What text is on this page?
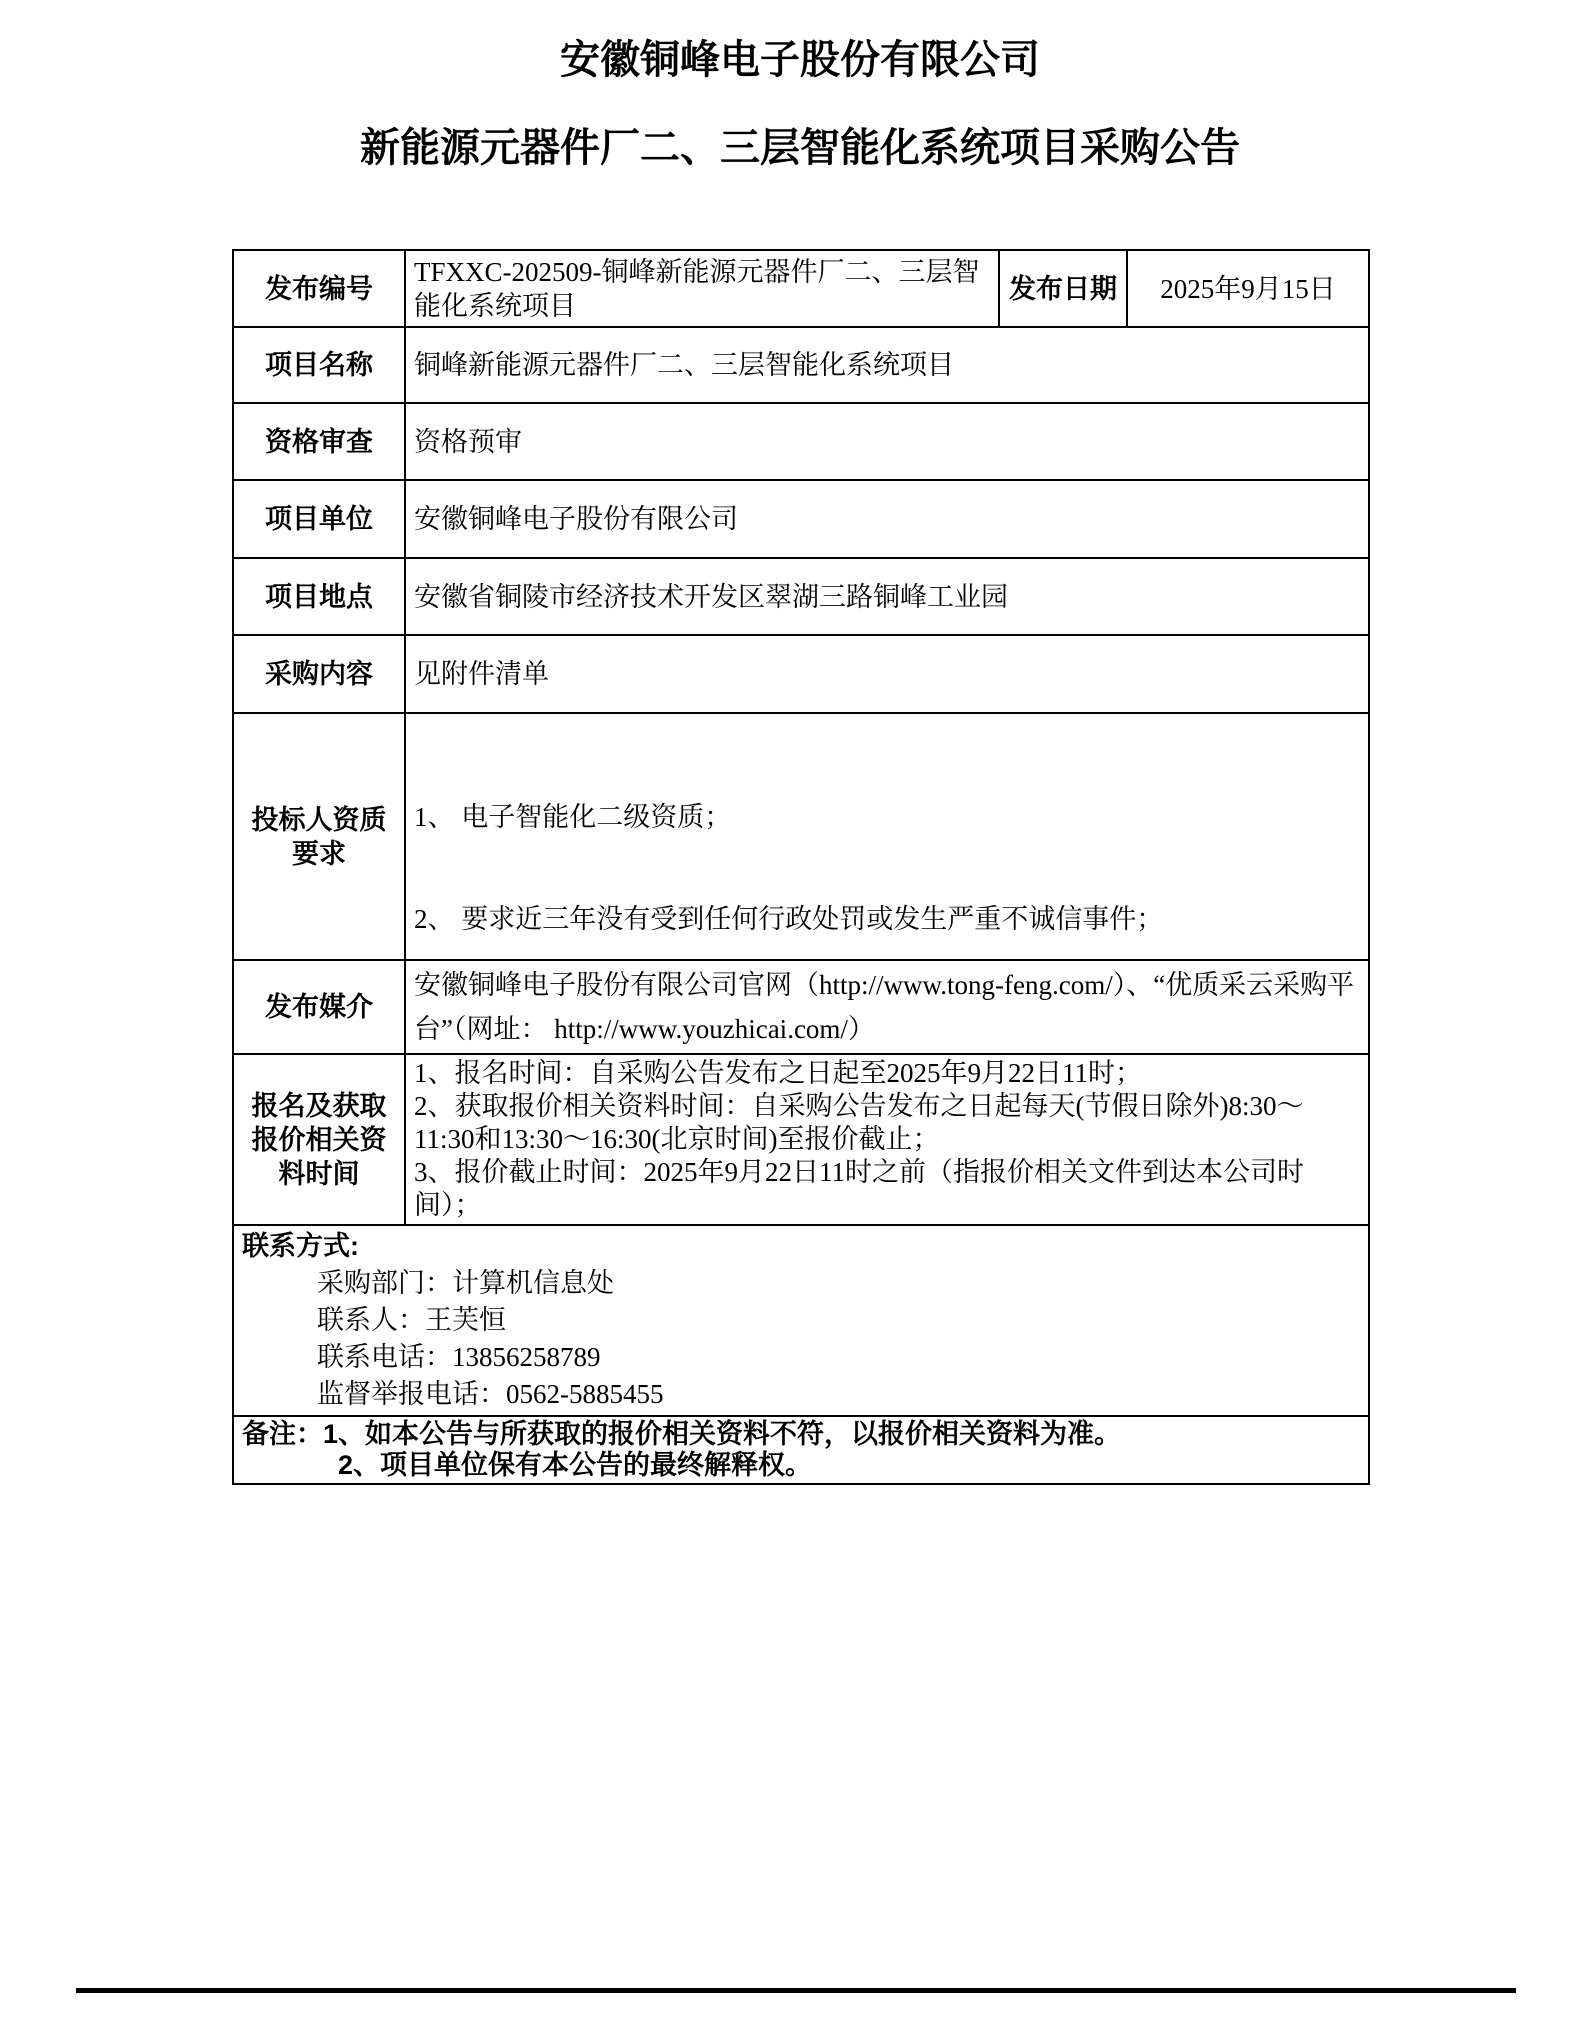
安徽铜峰电子股份有限公司
新能源元器件厂二、三层智能化系统项目采购公告
发布编号	TFXXC-202509-铜峰新能源元器件厂二、三层智能化系统项目	发布日期	2025年9月15日
项目名称	铜峰新能源元器件厂二、三层智能化系统项目		
资格审查	资格预审		
项目单位	安徽铜峰电子股份有限公司		
项目地点	安徽省铜陵市经济技术开发区翠湖三路铜峰工业园		
采购内容	见附件清单		
投标人资质要求	1、 电子智能化二级资质；

2、 要求近三年没有受到任何行政处罚或发生严重不诚信事件；		

发布媒介	安徽铜峰电子股份有限公司官网（http://www.tong-feng.com/）、“优质采云采购平台”（网址： http://www.youzhicai.com/）		
报名及获取报价相关资料时间	1、报名时间：自采购公告发布之日起至2025年9月22日11时；

2、获取报价相关资料时间：自采购公告发布之日起每天(节假日除外)8:30～11:30和13:30～16:30(北京时间)至报价截止；

3、报价截止时间：2025年9月22日11时之前（指报价相关文件到达本公司时间）；		

联系方式:

采购部门：计算机信息处

联系人：王芙恒

联系电话：13856258789

监督举报电话：0562-5885455			

备注：1、如本公告与所获取的报价相关资料不符，以报价相关资料为准。

2、项目单位保有本公告的最终解释权。			
